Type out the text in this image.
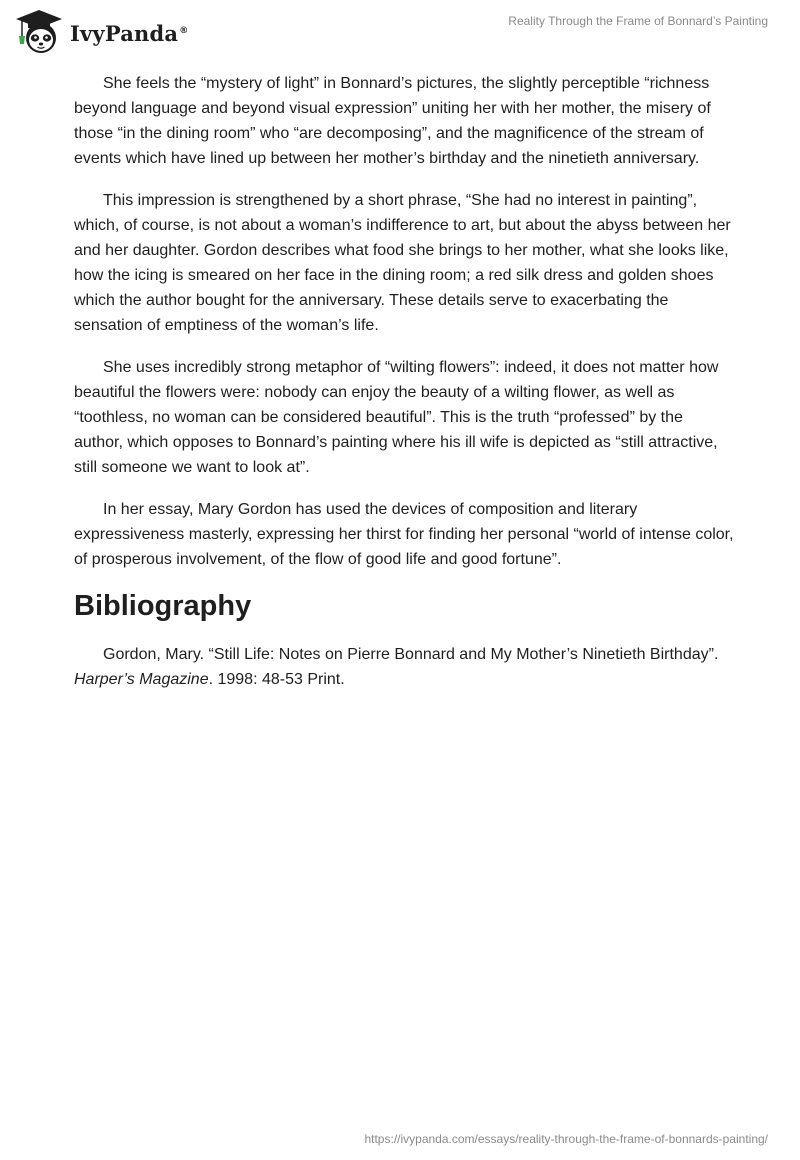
IvyPanda®
Reality Through the Frame of Bonnard’s Painting

She feels the “mystery of light” in Bonnard’s pictures, the slightly perceptible “richness beyond language and beyond visual expression” uniting her with her mother, the misery of those “in the dining room” who “are decomposing”, and the magnificence of the stream of events which have lined up between her mother’s birthday and the ninetieth anniversary.

This impression is strengthened by a short phrase, “She had no interest in painting”, which, of course, is not about a woman’s indifference to art, but about the abyss between her and her daughter. Gordon describes what food she brings to her mother, what she looks like, how the icing is smeared on her face in the dining room; a red silk dress and golden shoes which the author bought for the anniversary. These details serve to exacerbating the sensation of emptiness of the woman’s life.

She uses incredibly strong metaphor of “wilting flowers”: indeed, it does not matter how beautiful the flowers were: nobody can enjoy the beauty of a wilting flower, as well as “toothless, no woman can be considered beautiful”. This is the truth “professed” by the author, which opposes to Bonnard’s painting where his ill wife is depicted as “still attractive, still someone we want to look at”.

In her essay, Mary Gordon has used the devices of composition and literary expressiveness masterly, expressing her thirst for finding her personal “world of intense color, of prosperous involvement, of the flow of good life and good fortune”.

Bibliography

Gordon, Mary. “Still Life: Notes on Pierre Bonnard and My Mother’s Ninetieth Birthday”. Harper’s Magazine. 1998: 48-53 Print.

https://ivypanda.com/essays/reality-through-the-frame-of-bonnards-painting/
